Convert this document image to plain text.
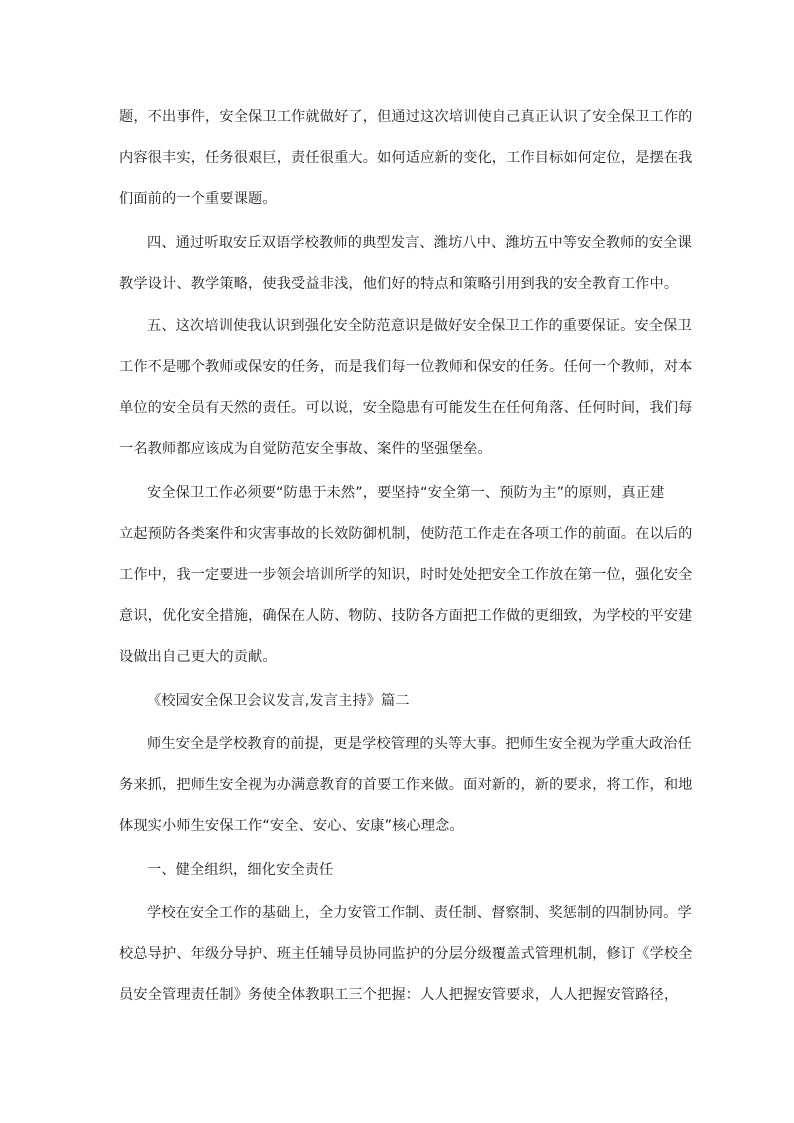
题，不出事件，安全保卫工作就做好了，但通过这次培训使自己真正认识了安全保卫工作的
内容很丰实，任务很艰巨，责任很重大。如何适应新的变化，工作目标如何定位，是摆在我
们面前的一个重要课题。
四、通过听取安丘双语学校教师的典型发言、潍坊八中、潍坊五中等安全教师的安全课
教学设计、教学策略，使我受益非浅，他们好的特点和策略引用到我的安全教育工作中。
五、这次培训使我认识到强化安全防范意识是做好安全保卫工作的重要保证。安全保卫
工作不是哪个教师或保安的任务，而是我们每一位教师和保安的任务。任何一个教师，对本
单位的安全员有天然的责任。可以说，安全隐患有可能发生在任何角落、任何时间，我们每
一名教师都应该成为自觉防范安全事故、案件的坚强堡垒。
安全保卫工作必须要“防患于未然”，要坚持“安全第一、预防为主”的原则，真正建
立起预防各类案件和灾害事故的长效防御机制，使防范工作走在各项工作的前面。在以后的
工作中，我一定要进一步领会培训所学的知识，时时处处把安全工作放在第一位，强化安全
意识，优化安全措施，确保在人防、物防、技防各方面把工作做的更细致，为学校的平安建
设做出自己更大的贡献。
《校园安全保卫会议发言,发言主持》篇二
师生安全是学校教育的前提，更是学校管理的头等大事。把师生安全视为学重大政治任
务来抓，把师生安全视为办满意教育的首要工作来做。面对新的，新的要求，将工作，和地
体现实小师生安保工作“安全、安心、安康”核心理念。
一、健全组织，细化安全责任
学校在安全工作的基础上，全力安管工作制、责任制、督察制、奖惩制的四制协同。学
校总导护、年级分导护、班主任辅导员协同监护的分层分级覆盖式管理机制，修订《学校全
员安全管理责任制》务使全体教职工三个把握：人人把握安管要求，人人把握安管路径，
